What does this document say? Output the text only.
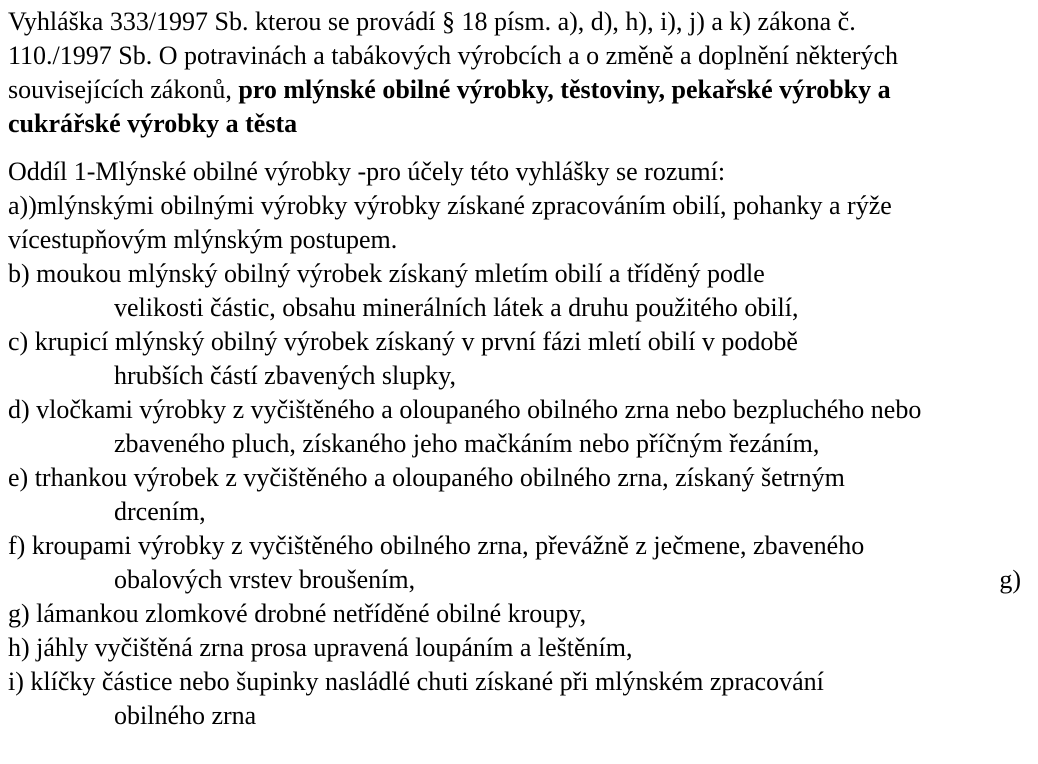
Vyhláška 333/1997 Sb. kterou se provádí § 18 písm. a), d), h), i), j) a k) zákona č.
110./1997 Sb. O potravinách a tabákových výrobcích a o změně a doplnění některých
souvisejících zákonů, pro mlýnské obilné výrobky, těstoviny, pekařské výrobky a
cukrářské výrobky a těsta
Oddíl 1-Mlýnské obilné výrobky -pro účely této vyhlášky se rozumí:
a))mlýnskými obilnými výrobky výrobky získané zpracováním obilí, pohanky a rýže
vícestupňovým mlýnským postupem.
b) moukou mlýnský obilný výrobek získaný mletím obilí a tříděný podle
velikosti částic, obsahu minerálních látek a druhu použitého obilí,
c) krupicí mlýnský obilný výrobek získaný v první fázi mletí obilí v podobě
hrubších částí zbavených slupky,
d) vločkami výrobky z vyčištěného a oloupaného obilného zrna nebo bezpluchého nebo
zbaveného pluch, získaného jeho mačkáním nebo příčným řezáním,
e) trhankou výrobek z vyčištěného a oloupaného obilného zrna, získaný šetrným
drcením,
f) kroupami výrobky z vyčištěného obilného zrna, převážně z ječmene, zbaveného
obalových vrstev broušením,	g)
g) lámankou zlomkové drobné netříděné obilné kroupy,
h) jáhly vyčištěná zrna prosa upravená loupáním a leštěním,
i) klíčky částice nebo šupinky nasládlé chuti získané při mlýnském zpracování
obilného zrna
